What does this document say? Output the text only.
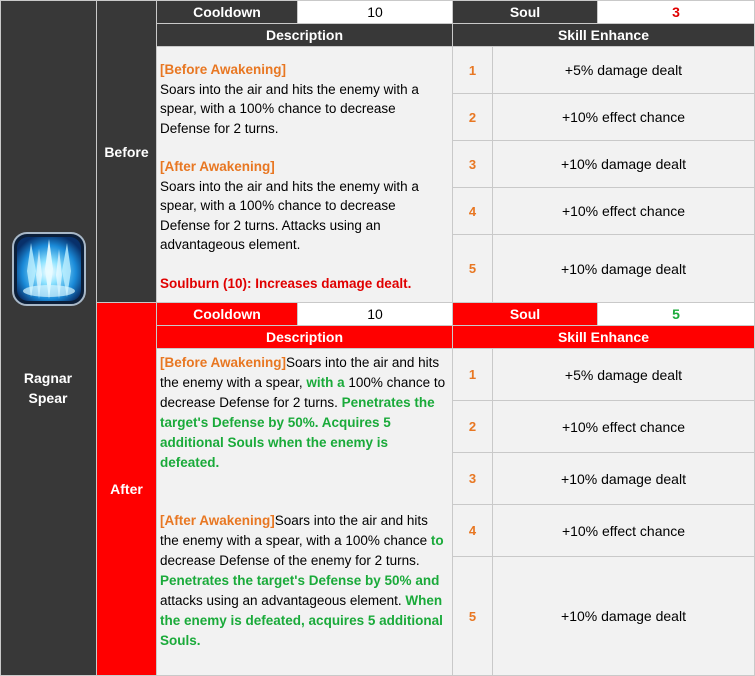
Ragnar
Spear
Before
Cooldown	10	Soul	3
Description	Skill Enhance

[Before Awakening]

Soars into the air and hits the enemy with a spear, with a 100% chance to decrease Defense for 2 turns.

[After Awakening]

Soars into the air and hits the enemy with a spear, with a 100% chance to decrease Defense for 2 turns. Attacks using an advantageous element.

Soulburn (10): Increases damage dealt.

1	+5% damage dealt
2	+10% effect chance
3	+10% damage dealt
4	+10% effect chance
5	+10% damage dealt
After
Cooldown	10	Soul	5
Description	Skill Enhance

[Before Awakening]Soars into the air and hits the enemy with a spear, with a 100% chance to decrease Defense for 2 turns. Penetrates the target's Defense by 50%. Acquires 5 additional Souls when the enemy is defeated.

[After Awakening]Soars into the air and hits the enemy with a spear, with a 100% chance to decrease Defense of the enemy for 2 turns. Penetrates the target's Defense by 50% and attacks using an advantageous element. When the enemy is defeated, acquires 5 additional Souls.

1	+5% damage dealt
2	+10% effect chance
3	+10% damage dealt
4	+10% effect chance
5	+10% damage dealt
